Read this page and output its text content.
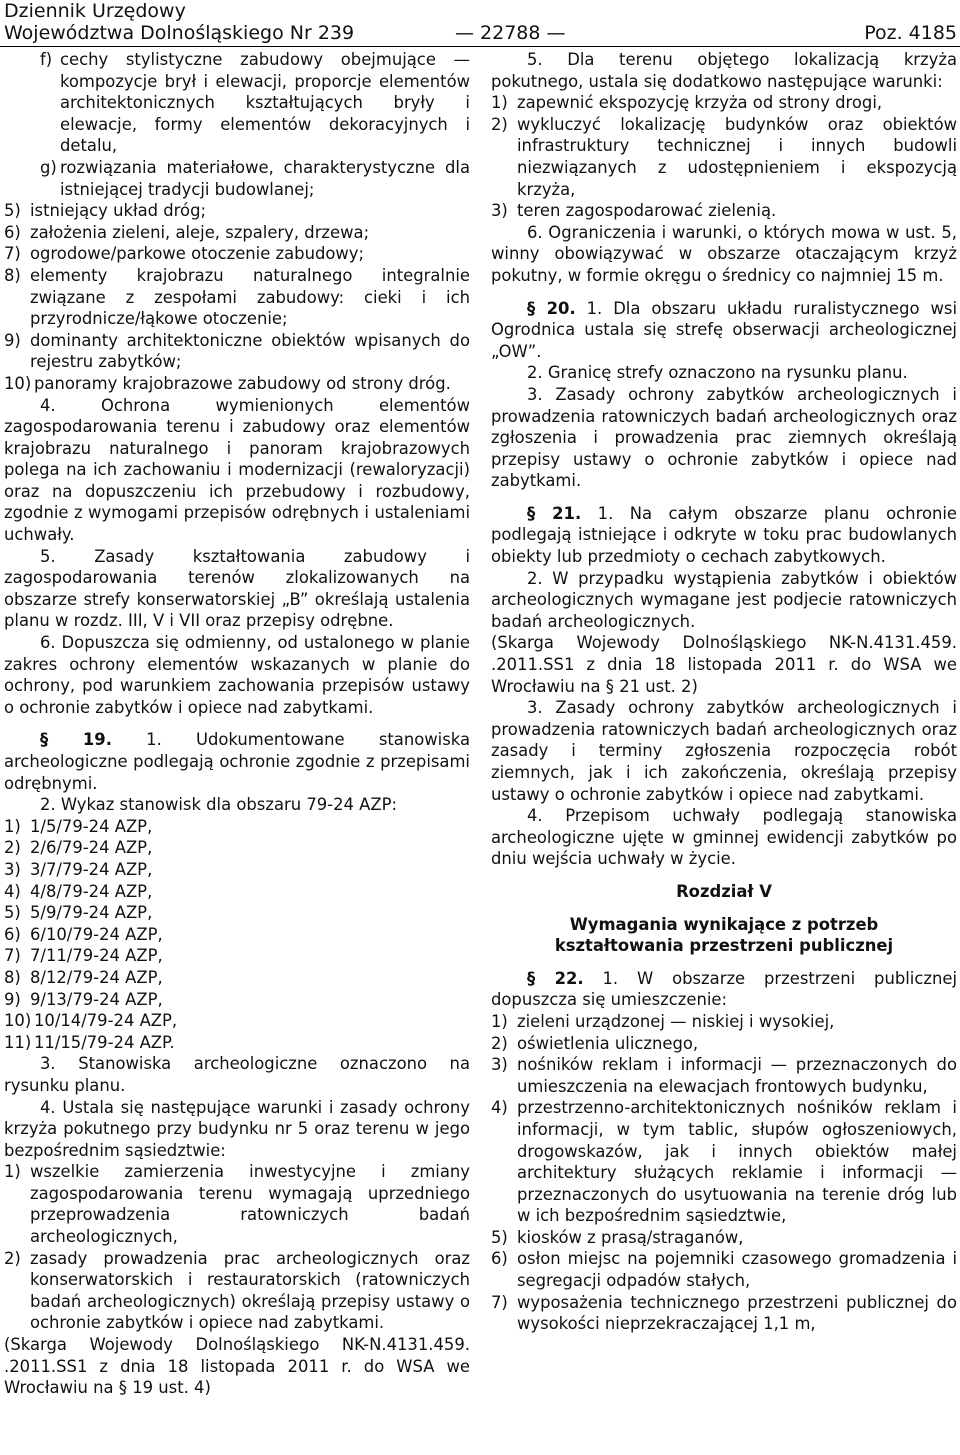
Dziennik Urzędowy
Województwa Dolnośląskiego Nr 239	— 22788 —	Poz. 4185
f) cechy stylistyczne zabudowy obejmujące — kompozycje brył i elewacji, proporcje elementów architektonicznych kształtujących bryły i elewacje, formy elementów dekoracyjnych i detalu,
g) rozwiązania materiałowe, charakterystyczne dla istniejącej tradycji budowlanej;
5) istniejący układ dróg;
6) założenia zieleni, aleje, szpalery, drzewa;
7) ogrodowe/parkowe otoczenie zabudowy;
8) elementy krajobrazu naturalnego integralnie związane z zespołami zabudowy: cieki i ich przyrodnicze/łąkowe otoczenie;
9) dominanty architektoniczne obiektów wpisanych do rejestru zabytków;
10) panoramy krajobrazowe zabudowy od strony dróg.

4. Ochrona wymienionych elementów zagospodarowania terenu i zabudowy oraz elementów krajobrazu naturalnego i panoram krajobrazowych polega na ich zachowaniu i modernizacji (rewaloryzacji) oraz na dopuszczeniu ich przebudowy i rozbudowy, zgodnie z wymogami przepisów odrębnych i ustaleniami uchwały.

5. Zasady kształtowania zabudowy i zagospodarowania terenów zlokalizowanych na obszarze strefy konserwatorskiej „B” określają ustalenia planu w rozdz. III, V i VII oraz przepisy odrębne.

6. Dopuszcza się odmienny, od ustalonego w planie zakres ochrony elementów wskazanych w planie do ochrony, pod warunkiem zachowania przepisów ustawy o ochronie zabytków i opiece nad zabytkami.

§ 19. 1. Udokumentowane stanowiska archeologiczne podlegają ochronie zgodnie z przepisami odrębnymi.

2. Wykaz stanowisk dla obszaru 79-24 AZP:

1) 1/5/79-24 AZP,
2) 2/6/79-24 AZP,
3) 3/7/79-24 AZP,
4) 4/8/79-24 AZP,
5) 5/9/79-24 AZP,
6) 6/10/79-24 AZP,
7) 7/11/79-24 AZP,
8) 8/12/79-24 AZP,
9) 9/13/79-24 AZP,
10) 10/14/79-24 AZP,
11) 11/15/79-24 AZP.

3. Stanowiska archeologiczne oznaczono na rysunku planu.

4. Ustala się następujące warunki i zasady ochrony krzyża pokutnego przy budynku nr 5 oraz terenu w jego bezpośrednim sąsiedztwie:

1) wszelkie zamierzenia inwestycyjne i zmiany zagospodarowania terenu wymagają uprzedniego przeprowadzenia ratowniczych badań archeologicznych,
2) zasady prowadzenia prac archeologicznych oraz konserwatorskich i restauratorskich (ratowniczych badań archeologicznych) określają przepisy ustawy o ochronie zabytków i opiece nad zabytkami.

(Skarga Wojewody Dolnośląskiego NK-N.4131.459. .2011.SS1 z dnia 18 listopada 2011 r. do WSA we Wrocławiu na § 19 ust. 4)

5. Dla terenu objętego lokalizacją krzyża pokutnego, ustala się dodatkowo następujące warunki:

1) zapewnić ekspozycję krzyża od strony drogi,
2) wykluczyć lokalizację budynków oraz obiektów infrastruktury technicznej i innych budowli niezwiązanych z udostępnieniem i ekspozycją krzyża,
3) teren zagospodarować zielenią.

6. Ograniczenia i warunki, o których mowa w ust. 5, winny obowiązywać w obszarze otaczającym krzyż pokutny, w formie okręgu o średnicy co najmniej 15 m.

§ 20. 1. Dla obszaru układu ruralistycznego wsi Ogrodnica ustala się strefę obserwacji archeologicznej „OW”.

2. Granicę strefy oznaczono na rysunku planu.

3. Zasady ochrony zabytków archeologicznych i prowadzenia ratowniczych badań archeologicznych oraz zgłoszenia i prowadzenia prac ziemnych określają przepisy ustawy o ochronie zabytków i opiece nad zabytkami.

§ 21. 1. Na całym obszarze planu ochronie podlegają istniejące i odkryte w toku prac budowlanych obiekty lub przedmioty o cechach zabytkowych.

2. W przypadku wystąpienia zabytków i obiektów archeologicznych wymagane jest podjecie ratowniczych badań archeologicznych.

(Skarga Wojewody Dolnośląskiego NK-N.4131.459. .2011.SS1 z dnia 18 listopada 2011 r. do WSA we Wrocławiu na § 21 ust. 2)

3. Zasady ochrony zabytków archeologicznych i prowadzenia ratowniczych badań archeologicznych oraz zasady i terminy zgłoszenia rozpoczęcia robót ziemnych, jak i ich zakończenia, określają przepisy ustawy o ochronie zabytków i opiece nad zabytkami.

4. Przepisom uchwały podlegają stanowiska archeologiczne ujęte w gminnej ewidencji zabytków po dniu wejścia uchwały w życie.

Rozdział V

Wymagania wynikające z potrzeb

kształtowania przestrzeni publicznej

§ 22. 1. W obszarze przestrzeni publicznej dopuszcza się umieszczenie:

1) zieleni urządzonej — niskiej i wysokiej,
2) oświetlenia ulicznego,
3) nośników reklam i informacji — przeznaczonych do umieszczenia na elewacjach frontowych budynku,
4) przestrzenno-architektonicznych nośników reklam i informacji, w tym tablic, słupów ogłoszeniowych, drogowskazów, jak i innych obiektów małej architektury służących reklamie i informacji — przeznaczonych do usytuowania na terenie dróg lub w ich bezpośrednim sąsiedztwie,
5) kiosków z prasą/straganów,
6) osłon miejsc na pojemniki czasowego gromadzenia i segregacji odpadów stałych,
7) wyposażenia technicznego przestrzeni publicznej do wysokości nieprzekraczającej 1,1 m,
